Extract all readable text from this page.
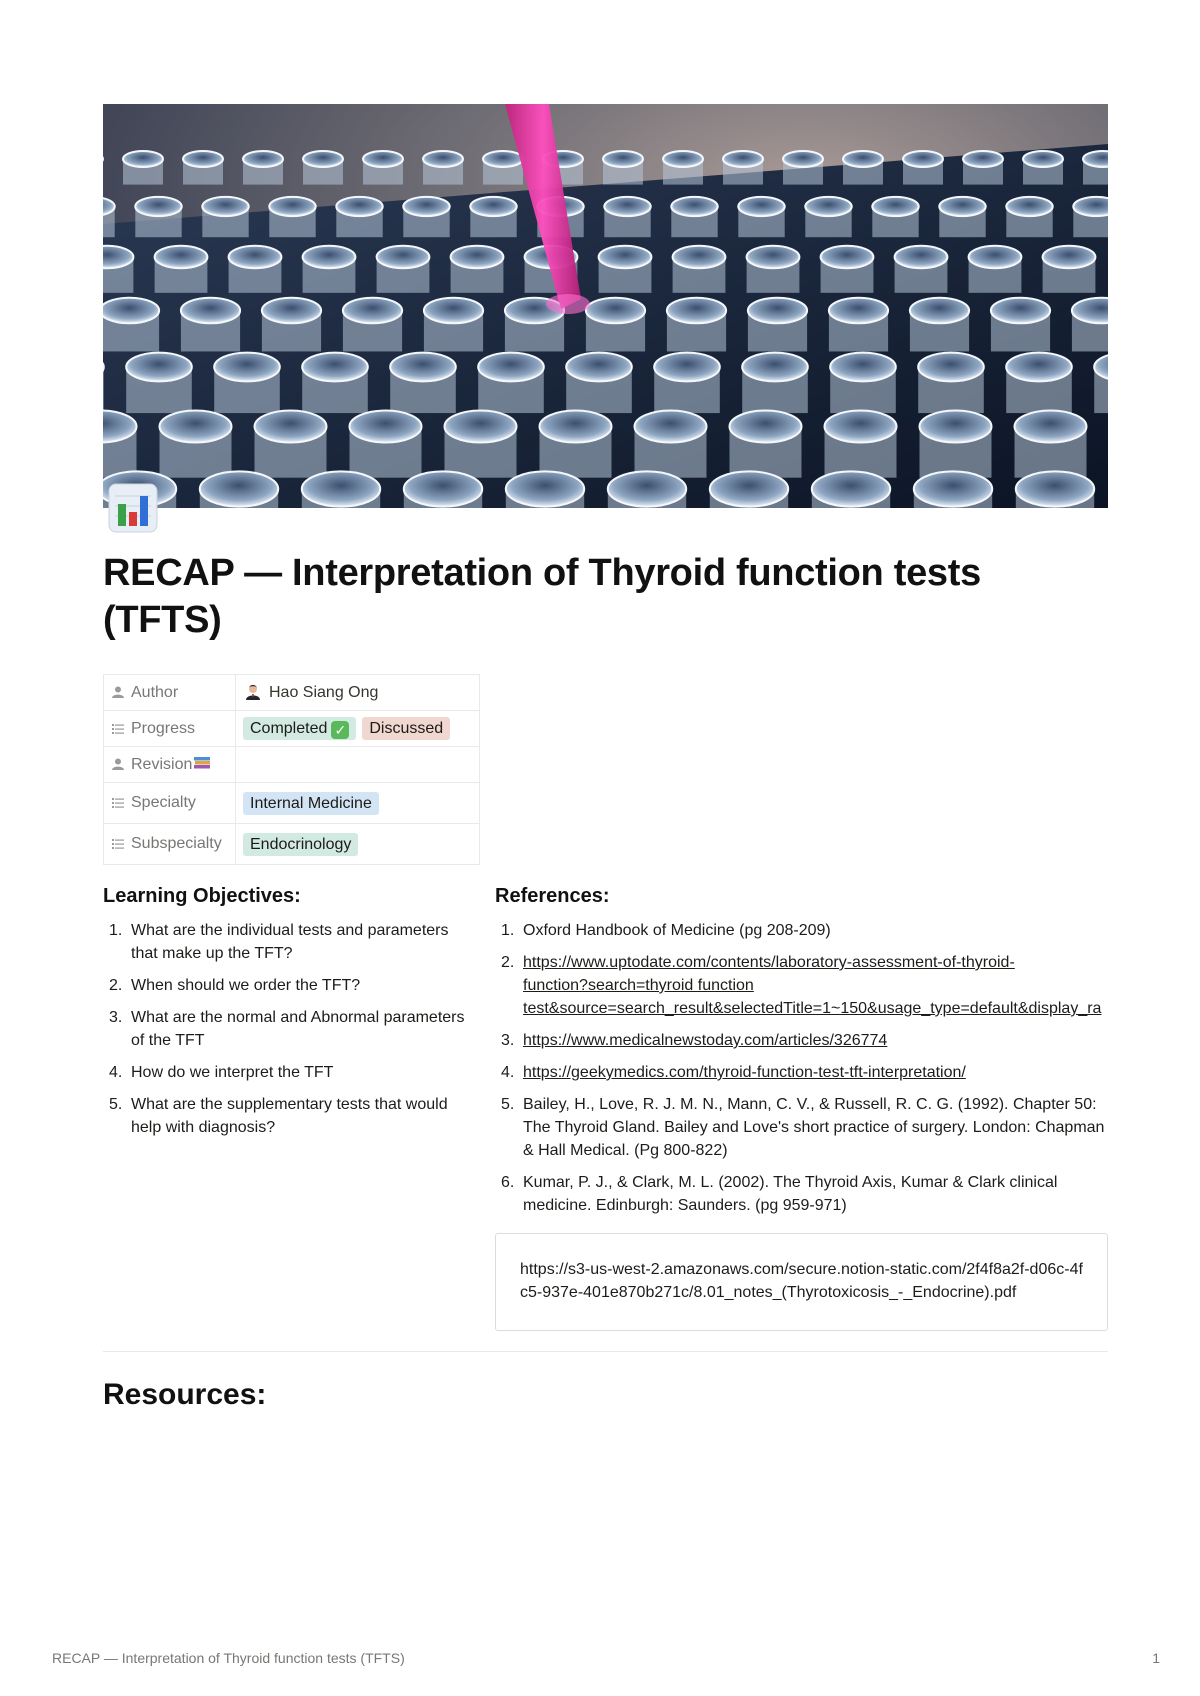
RECAP — Interpretation of Thyroid function tests (TFTS)
Author	Hao Siang Ong
Progress	Completed ✓ Discussed
Revision	
Specialty	Internal Medicine
Subspecialty	Endocrinology
Learning Objectives:
1. What are the individual tests and parameters that make up the TFT?
2. When should we order the TFT?
3. What are the normal and Abnormal parameters of the TFT
4. How do we interpret the TFT
5. What are the supplementary tests that would help with diagnosis?
References:
1. Oxford Handbook of Medicine (pg 208-209)
2. https://www.uptodate.com/contents/laboratory-assessment-of-thyroid-
function?search=thyroid function
test&source=search_result&selectedTitle=1~150&usage_type=default&display_ra
3. https://www.medicalnewstoday.com/articles/326774
4. https://geekymedics.com/thyroid-function-test-tft-interpretation/
5. Bailey, H., Love, R. J. M. N., Mann, C. V., & Russell, R. C. G. (1992). Chapter 50: The Thyroid Gland. Bailey and Love's short practice of surgery. London: Chapman & Hall Medical. (Pg 800-822)
6. Kumar, P. J., & Clark, M. L. (2002). The Thyroid Axis, Kumar & Clark clinical medicine. Edinburgh: Saunders. (pg 959-971)
https://s3-us-west-2.amazonaws.com/secure.notion-static.com/2f4f8a2f-d06c-4fc5-937e-401e870b271c/8.01_notes_(Thyrotoxicosis_-_Endocrine).pdf
Resources:
RECAP — Interpretation of Thyroid function tests (TFTS)	1
